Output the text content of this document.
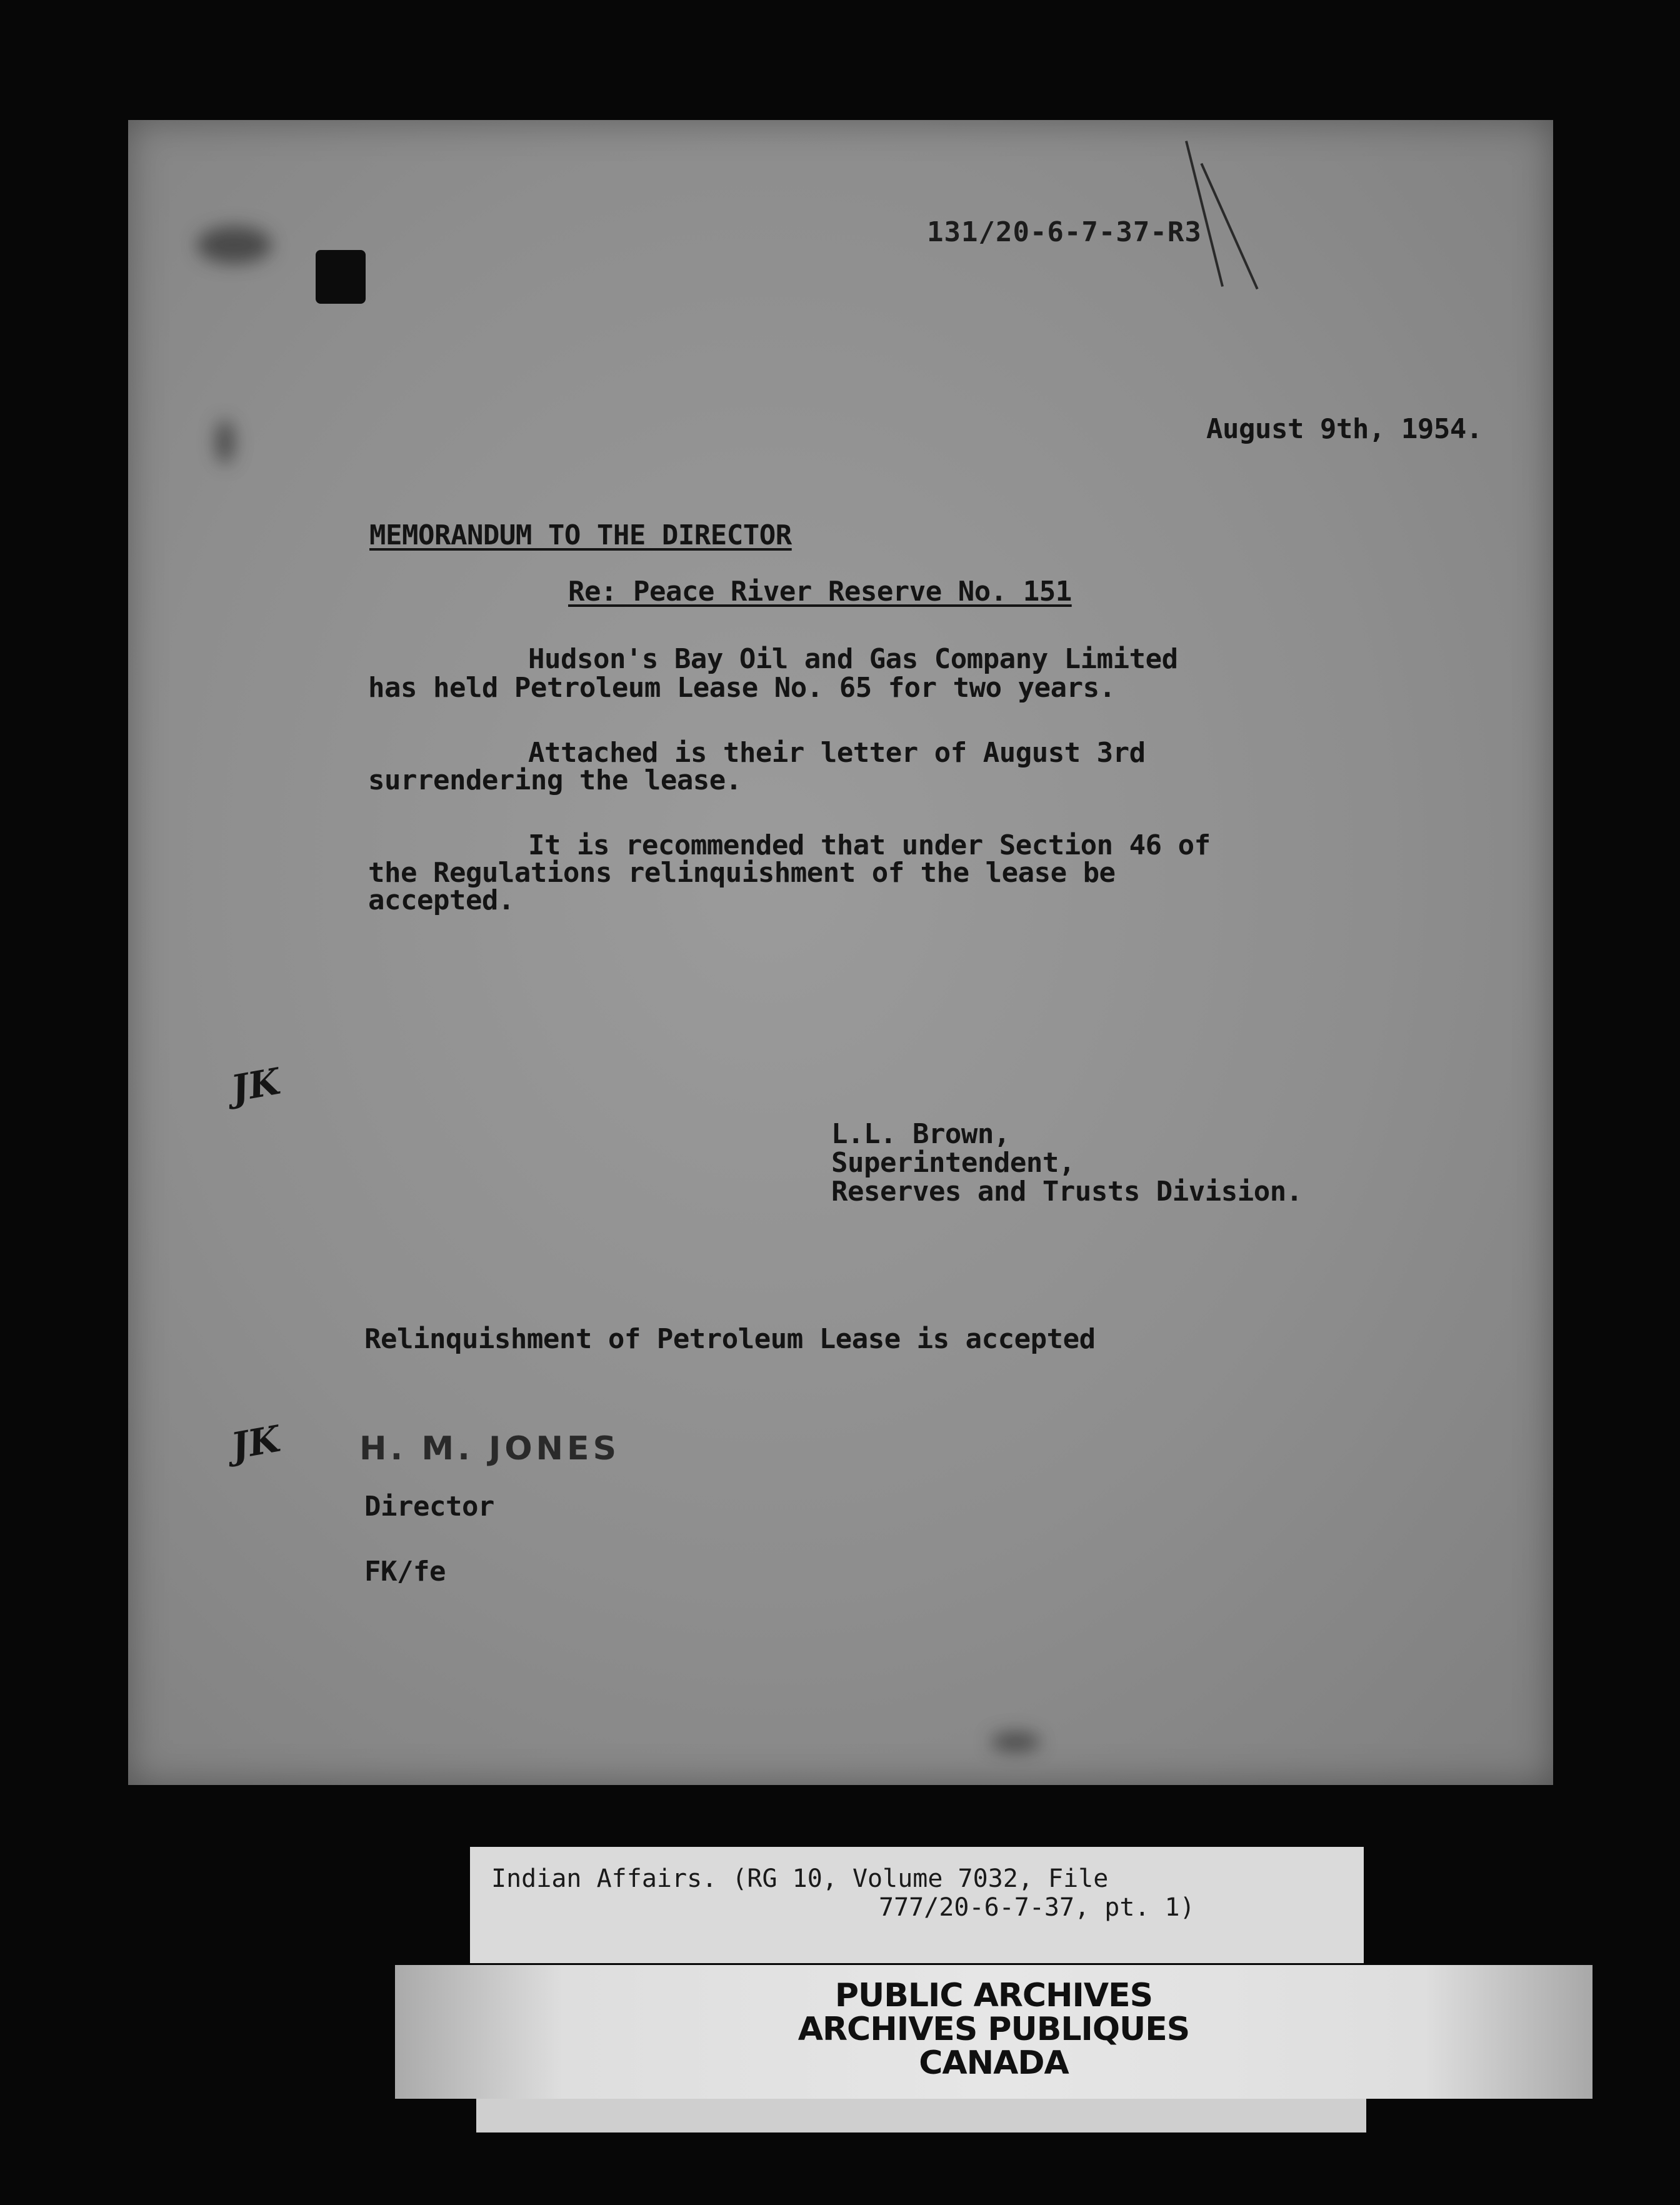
131/20-6-7-37-R3
August 9th, 1954.
MEMORANDUM TO THE DIRECTOR
Re: Peace River Reserve No. 151
Hudson's Bay Oil and Gas Company Limited
has held Petroleum Lease No. 65 for two years.
Attached is their letter of August 3rd
surrendering the lease.
It is recommended that under Section 46 of
the Regulations relinquishment of the lease be
accepted.
JK
L.L. Brown,
Superintendent,
Reserves and Trusts Division.
Relinquishment of Petroleum Lease is accepted
JK H. M. JONES
Director
FK/fe
Indian Affairs. (RG 10, Volume 7032, File
777/20-6-7-37, pt. 1)
PUBLIC ARCHIVES
ARCHIVES PUBLIQUES
CANADA
